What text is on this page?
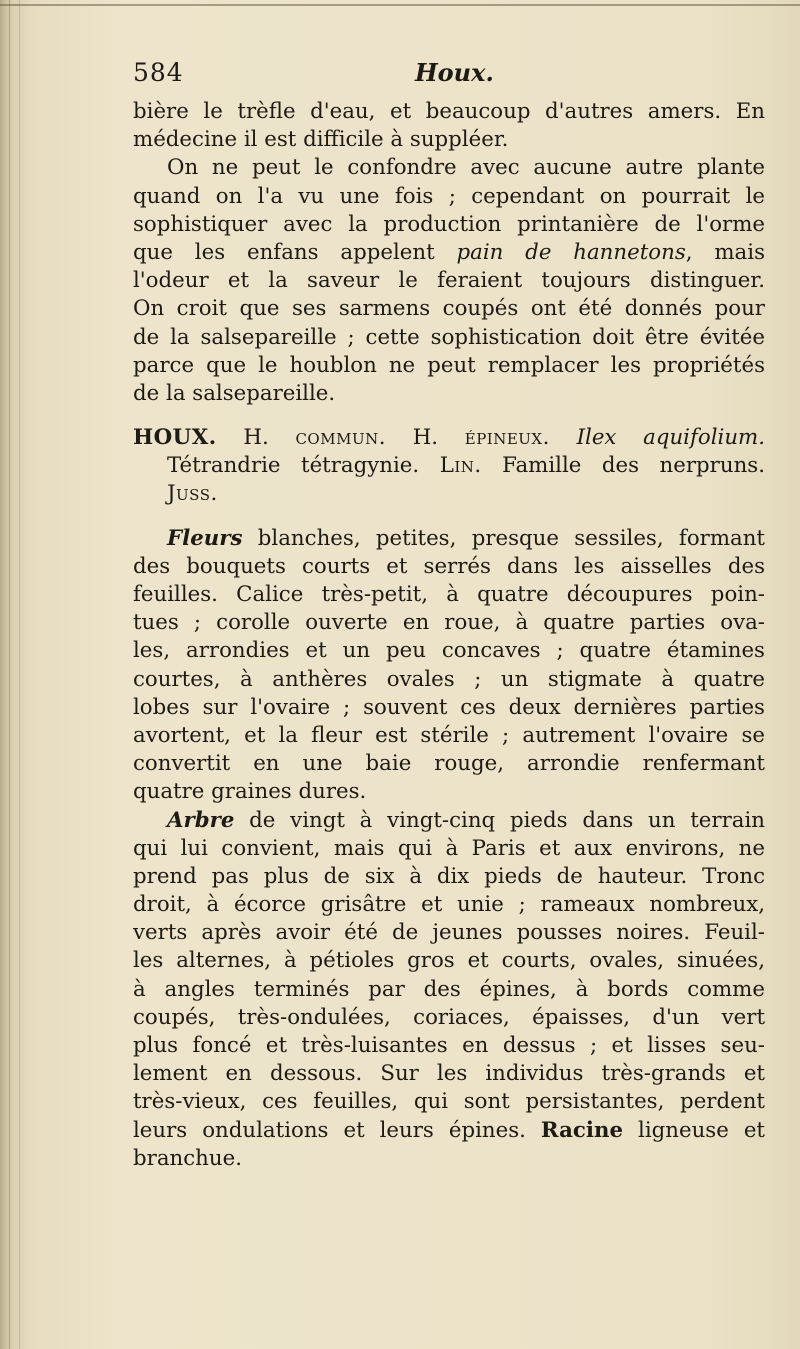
584	Houx.
bière le trèfle d'eau, et beaucoup d'autres amers. En
médecine il est difficile à suppléer.
On ne peut le confondre avec aucune autre plante
quand on l'a vu une fois ; cependant on pourrait le
sophistiquer avec la production printanière de l'orme
que les enfans appelent pain de hannetons, mais
l'odeur et la saveur le feraient toujours distinguer.
On croit que ses sarmens coupés ont été donnés pour
de la salsepareille ; cette sophistication doit être évitée
parce que le houblon ne peut remplacer les propriétés
de la salsepareille.
HOUX. H. commun. H. épineux. Ilex aquifolium.
Tétrandrie tétragynie. Lin. Famille des nerpruns.
Juss.
Fleurs blanches, petites, presque sessiles, formant
des bouquets courts et serrés dans les aisselles des
feuilles. Calice très-petit, à quatre découpures poin-
tues ; corolle ouverte en roue, à quatre parties ova-
les, arrondies et un peu concaves ; quatre étamines
courtes, à anthères ovales ; un stigmate à quatre
lobes sur l'ovaire ; souvent ces deux dernières parties
avortent, et la fleur est stérile ; autrement l'ovaire se
convertit en une baie rouge, arrondie renfermant
quatre graines dures.
Arbre de vingt à vingt-cinq pieds dans un terrain
qui lui convient, mais qui à Paris et aux environs, ne
prend pas plus de six à dix pieds de hauteur. Tronc
droit, à écorce grisâtre et unie ; rameaux nombreux,
verts après avoir été de jeunes pousses noires. Feuil-
les alternes, à pétioles gros et courts, ovales, sinuées,
à angles terminés par des épines, à bords comme
coupés, très-ondulées, coriaces, épaisses, d'un vert
plus foncé et très-luisantes en dessus ; et lisses seu-
lement en dessous. Sur les individus très-grands et
très-vieux, ces feuilles, qui sont persistantes, perdent
leurs ondulations et leurs épines. Racine ligneuse et
branchue.
